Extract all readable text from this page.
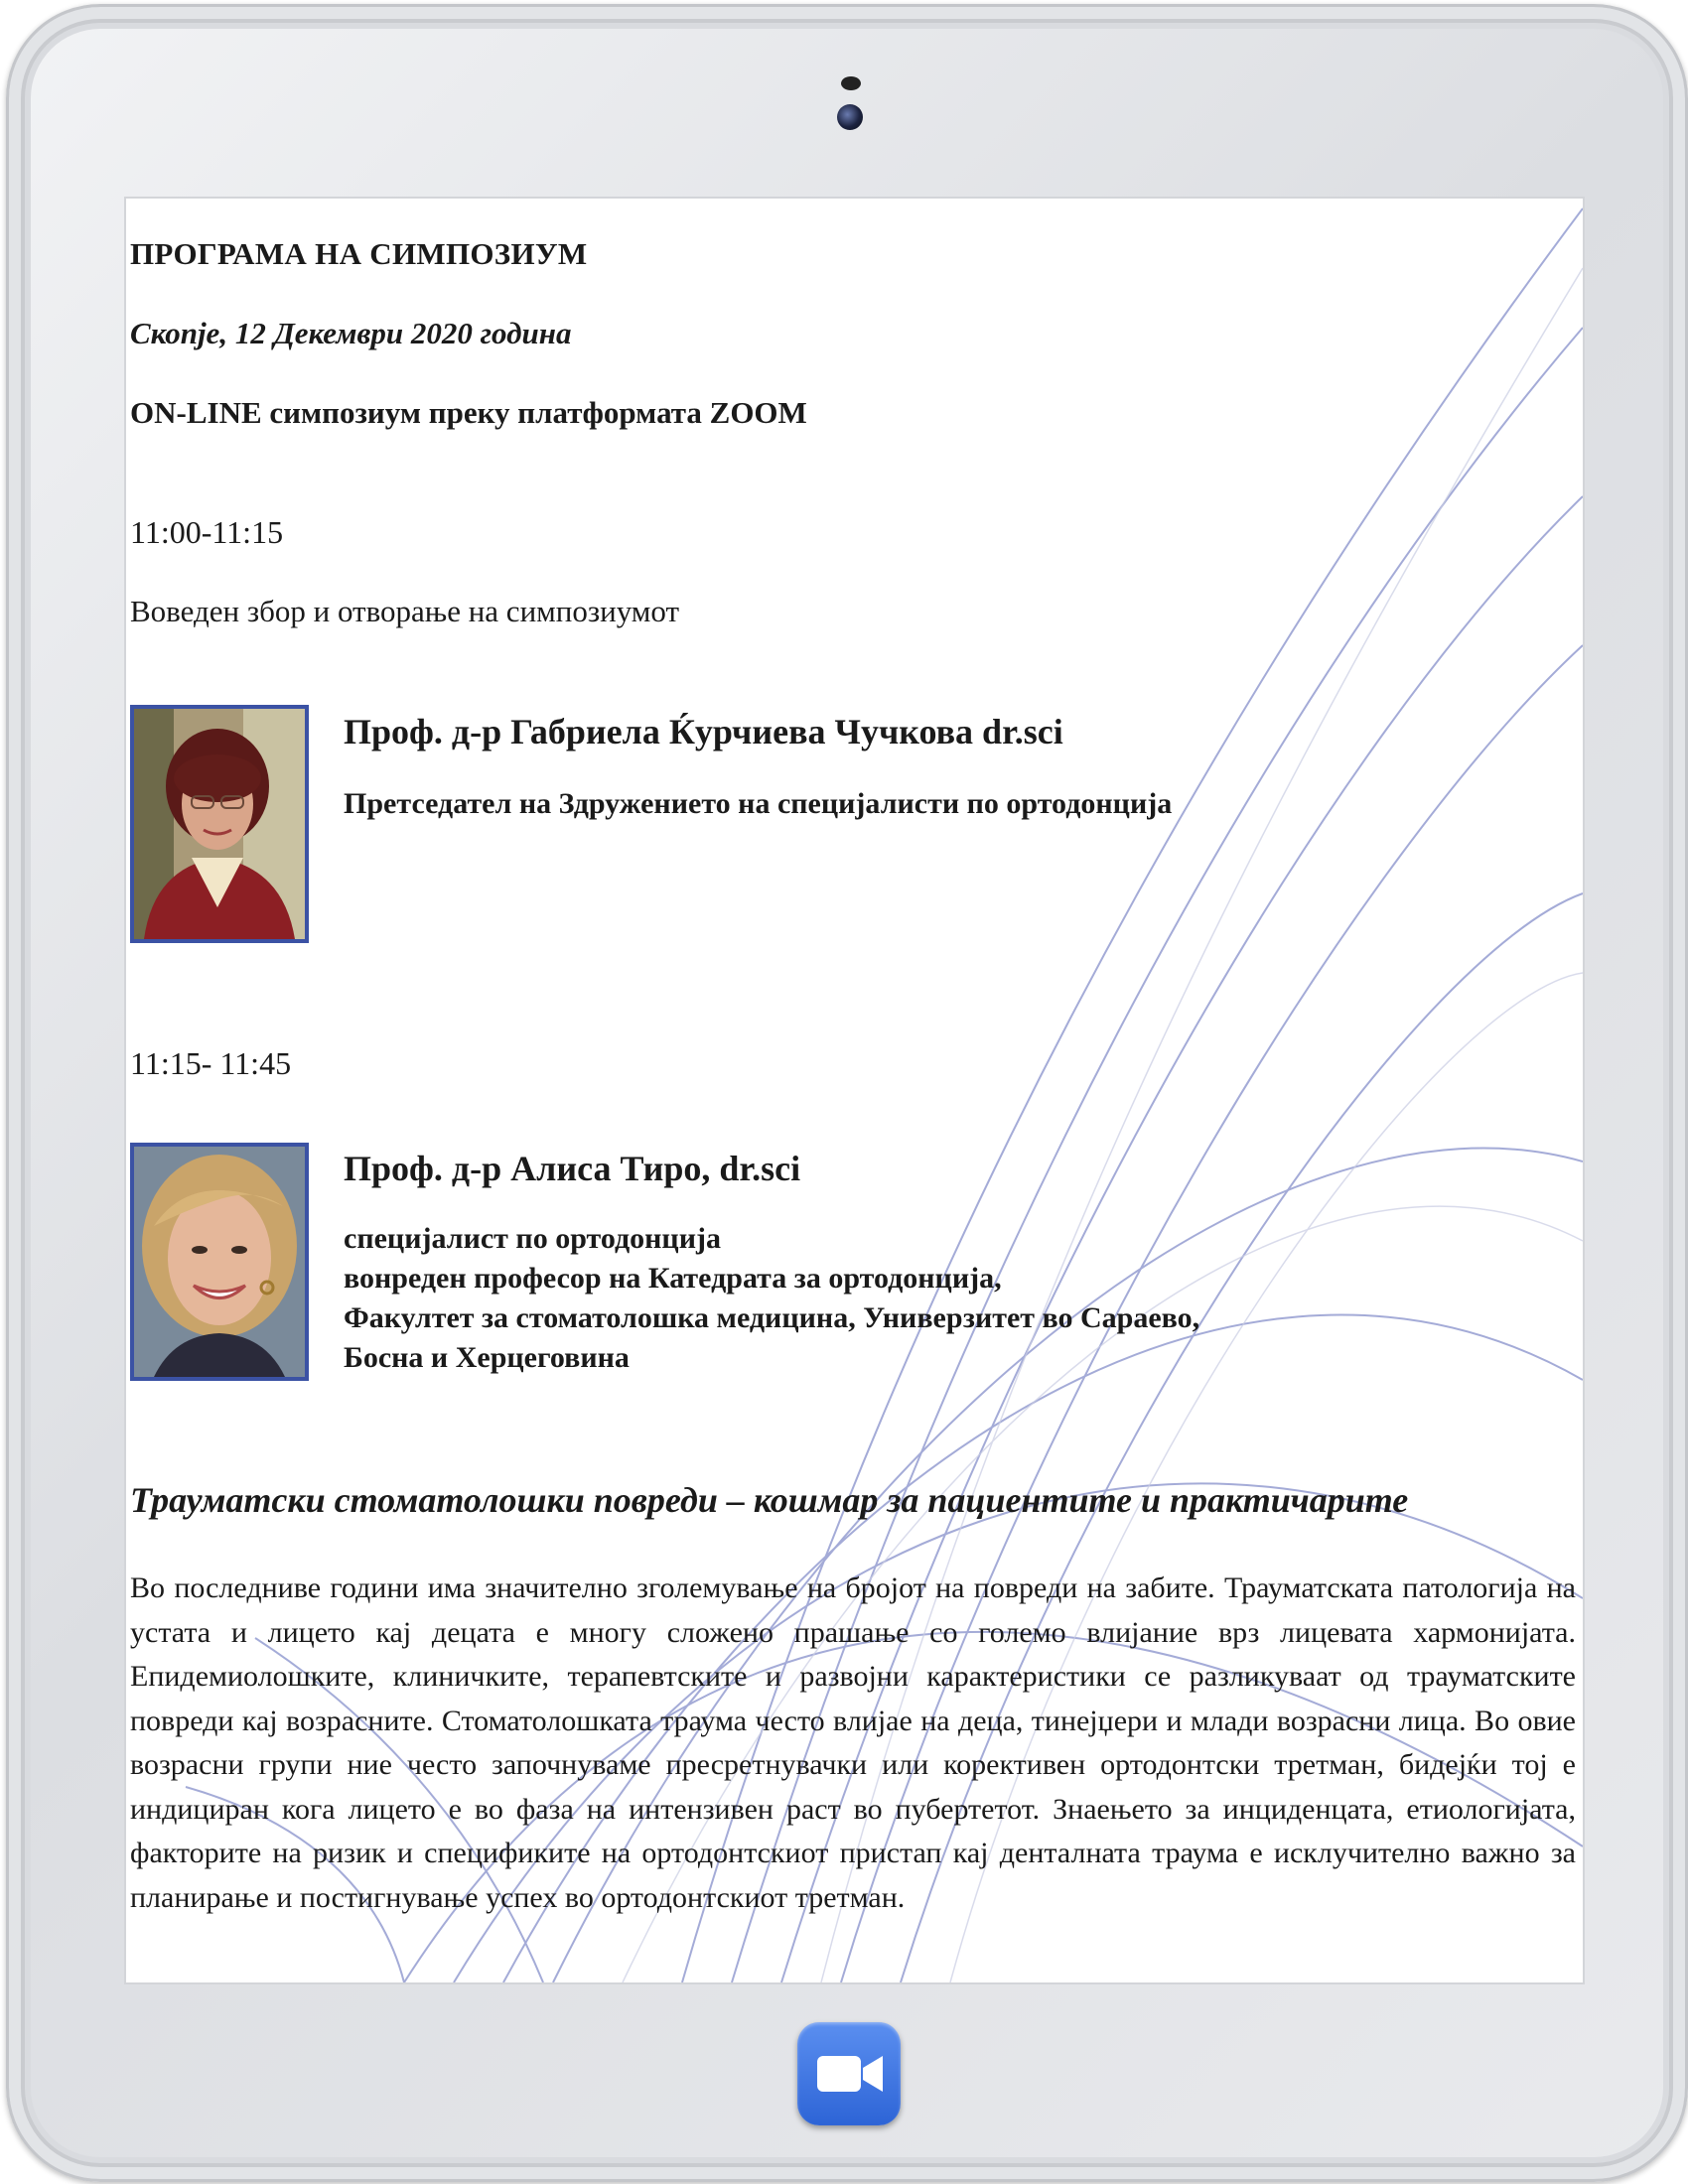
ПРОГРАМА НА СИМПОЗИУМ
Скопје, 12 Декември 2020 година
ON-LINE симпозиум преку платформата ZOOM
11:00-11:15
Воведен збор и отворање на симпозиумот
Проф. д-р Габриела Ќурчиева Чучкова dr.sci
Претседател на Здружението на специјалисти по ортодонција
11:15- 11:45
Проф. д-р Алиса Тиро, dr.sci
специјалист по ортодонција
вонреден професор на Катедрата за ортодонција,
Факултет за стоматолошка медицина, Универзитет во Сараево,
Босна и Херцеговина
Трауматски стоматолошки повреди – кошмар за пациентите и практичарите
Во последниве години има значително зголемување на бројот на повреди на забите. Трауматската патологија на устата и лицето кај децата е многу сложено прашање со големо влијание врз лицевата хармонијата. Епидемиолошките, клиничките, терапевтските и развојни карактеристики се разликуваат од трауматските повреди кај возрасните. Стоматолошката траума често влијае на деца, тинејџери и млади возрасни лица. Во овие возрасни групи ние често започнуваме пресретнувачки или корективен ортодонтски третман, бидејќи тој е индициран кога лицето е во фаза на интензивен раст во пубертетот. Знаењето за инциденцата, етиологијата, факторите на ризик и спецификите на ортодонтскиот пристап кај денталната траума е исклучително важно за планирање и постигнување успех во ортодонтскиот третман.
